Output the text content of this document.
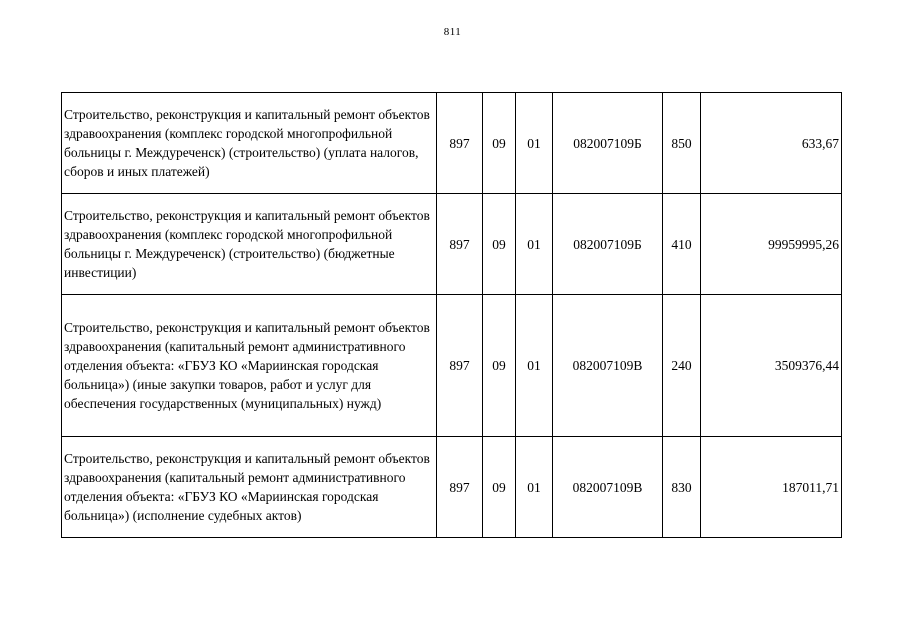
811
Строительство, реконструкция и капитальный ремонт объектов здравоохранения (комплекс городской многопрофильной больницы г. Междуреченск) (строительство) (уплата налогов, сборов и иных платежей)	897	09	01	082007109Б	850	633,67
Строительство, реконструкция и капитальный ремонт объектов здравоохранения (комплекс городской многопрофильной больницы г. Междуреченск) (строительство) (бюджетные инвестиции)	897	09	01	082007109Б	410	99959995,26
Строительство, реконструкция и капитальный ремонт объектов здравоохранения (капитальный ремонт административного отделения объекта: «ГБУЗ КО «Мариинская городская больница») (иные закупки товаров, работ и услуг для обеспечения государственных (муниципальных) нужд)	897	09	01	082007109В	240	3509376,44
Строительство, реконструкция и капитальный ремонт объектов здравоохранения (капитальный ремонт административного отделения объекта: «ГБУЗ КО «Мариинская городская больница») (исполнение судебных актов)	897	09	01	082007109В	830	187011,71
